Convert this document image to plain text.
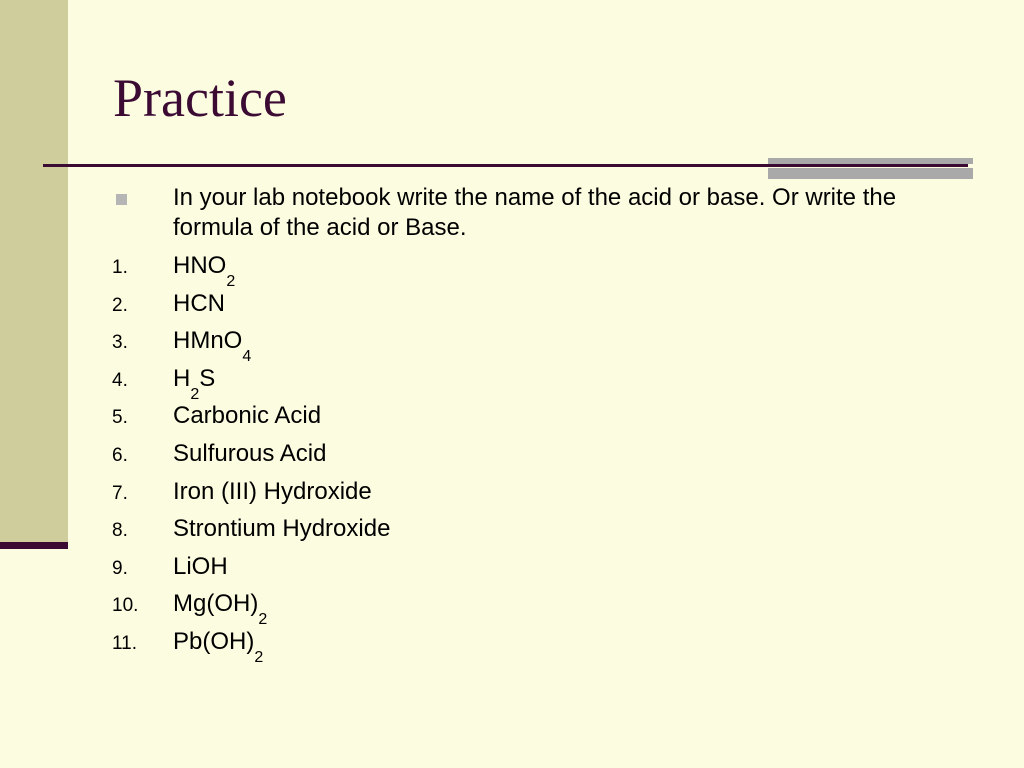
Practice
In your lab notebook write the name of the acid or base. Or write the formula of the acid or Base.
1. $HNO_2$
2. HCN
3. HMnO$_4$
4. $H_2S$
5. Carbonic Acid
6. Sulfurous Acid
7. Iron (III) Hydroxide
8. Strontium Hydroxide
9. LiOH
10. $Mg(OH)_2$
11. $Pb(OH)_2$
